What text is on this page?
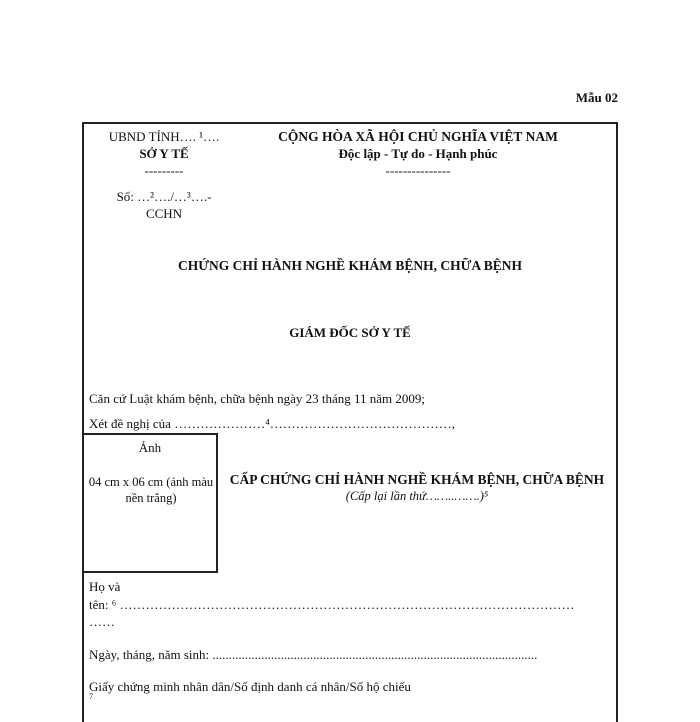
Mẫu 02
UBND TỈNH…. ¹….
SỞ Y TẾ
---------
Số: …²…./…³….-
CCHN
CỘNG HÒA XÃ HỘI CHỦ NGHĨA VIỆT NAM
Độc lập - Tự do - Hạnh phúc
---------------
CHỨNG CHỈ HÀNH NGHỀ KHÁM BỆNH, CHỮA BỆNH
GIÁM ĐỐC SỞ Y TẾ
Căn cứ Luật khám bệnh, chữa bệnh ngày 23 tháng 11 năm 2009;
Xét đề nghị của …………………⁴……………………………………,
Ảnh
04 cm x 06 cm (ảnh màu nền trắng)
CẤP CHỨNG CHỈ HÀNH NGHỀ KHÁM BỆNH, CHỮA BỆNH
(Cấp lại lần thứ……..…….)⁵
Họ và
tên: ⁶ ……………………………………………………………………………………………
……
Ngày, tháng, năm sinh: ....................................................................................................
Giấy chứng minh nhân dân/Số định danh cá nhân/Số hộ chiếu
7
